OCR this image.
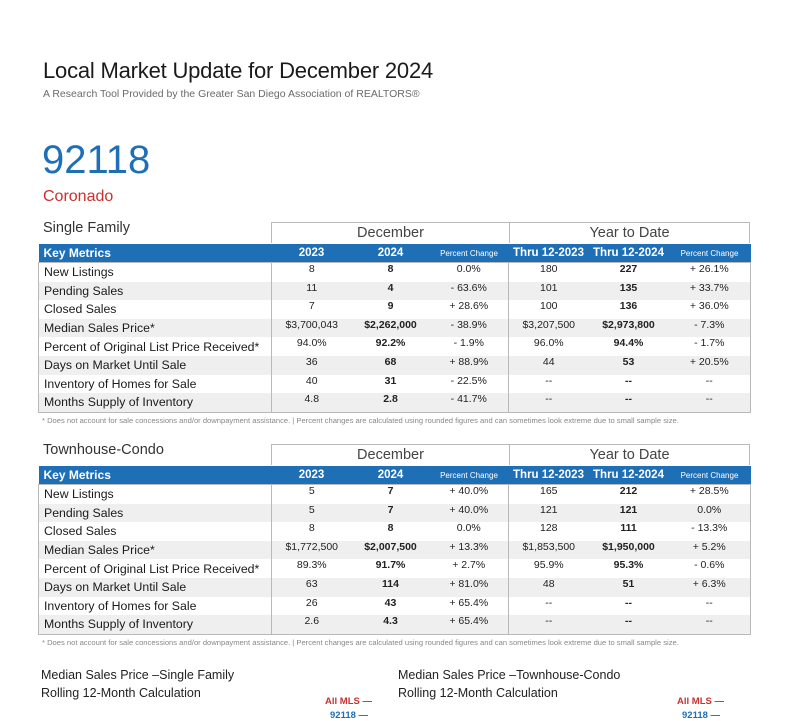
Local Market Update for December 2024
A Research Tool Provided by the Greater San Diego Association of REALTORS®
92118
Coronado
Single Family	December	Year to Date
Key Metrics	2023	2024	Percent Change	Thru 12-2023	Thru 12-2024	Percent Change
New Listings	8	8	0.0%	180	227	+ 26.1%
Pending Sales	11	4	- 63.6%	101	135	+ 33.7%
Closed Sales	7	9	+ 28.6%	100	136	+ 36.0%
Median Sales Price*	$3,700,043	$2,262,000	- 38.9%	$3,207,500	$2,973,800	- 7.3%
Percent of Original List Price Received*	94.0%	92.2%	- 1.9%	96.0%	94.4%	- 1.7%
Days on Market Until Sale	36	68	+ 88.9%	44	53	+ 20.5%
Inventory of Homes for Sale	40	31	- 22.5%	--	--	--
Months Supply of Inventory	4.8	2.8	- 41.7%	--	--	--
* Does not account for sale concessions and/or downpayment assistance. | Percent changes are calculated using rounded figures and can sometimes look extreme due to small sample size.
Townhouse-Condo	December	Year to Date
Key Metrics	2023	2024	Percent Change	Thru 12-2023	Thru 12-2024	Percent Change
New Listings	5	7	+ 40.0%	165	212	+ 28.5%
Pending Sales	5	7	+ 40.0%	121	121	0.0%
Closed Sales	8	8	0.0%	128	111	- 13.3%
Median Sales Price*	$1,772,500	$2,007,500	+ 13.3%	$1,853,500	$1,950,000	+ 5.2%
Percent of Original List Price Received*	89.3%	91.7%	+ 2.7%	95.9%	95.3%	- 0.6%
Days on Market Until Sale	63	114	+ 81.0%	48	51	+ 6.3%
Inventory of Homes for Sale	26	43	+ 65.4%	--	--	--
Months Supply of Inventory	2.6	4.3	+ 65.4%	--	--	--
* Does not account for sale concessions and/or downpayment assistance. | Percent changes are calculated using rounded figures and can sometimes look extreme due to small sample size.
Median Sales Price –Single Family
Rolling 12-Month Calculation
All MLS —
92118 —
Median Sales Price –Townhouse-Condo
Rolling 12-Month Calculation
All MLS —
92118 —
